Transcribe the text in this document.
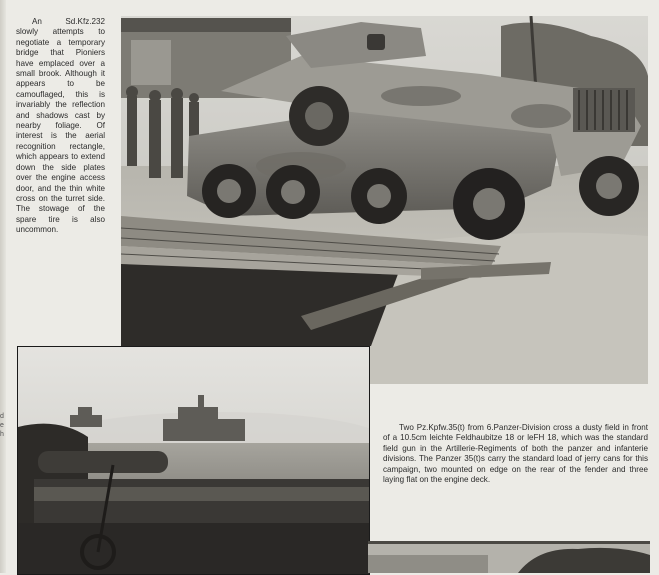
d
e
h
An Sd.Kfz.232 slowly attempts to negotiate a temporary bridge that Pioniers have emplaced over a small brook. Although it appears to be camouflaged, this is invariably the reflection and shadows cast by nearby foliage. Of interest is the aerial recognition rectangle, which appears to extend down the side plates over the engine access door, and the thin white cross on the turret side. The stowage of the spare tire is also uncommon.
Two Pz.Kpfw.35(t) from 6.Panzer-Division cross a dusty field in front of a 10.5cm leichte Feldhaubitze 18 or leFH 18, which was the standard field gun in the Artillerie-Regiments of both the panzer and infanterie divisions. The Panzer 35(t)s carry the standard load of jerry cans for this campaign, two mounted on edge on the rear of the fender and three laying flat on the engine deck.
